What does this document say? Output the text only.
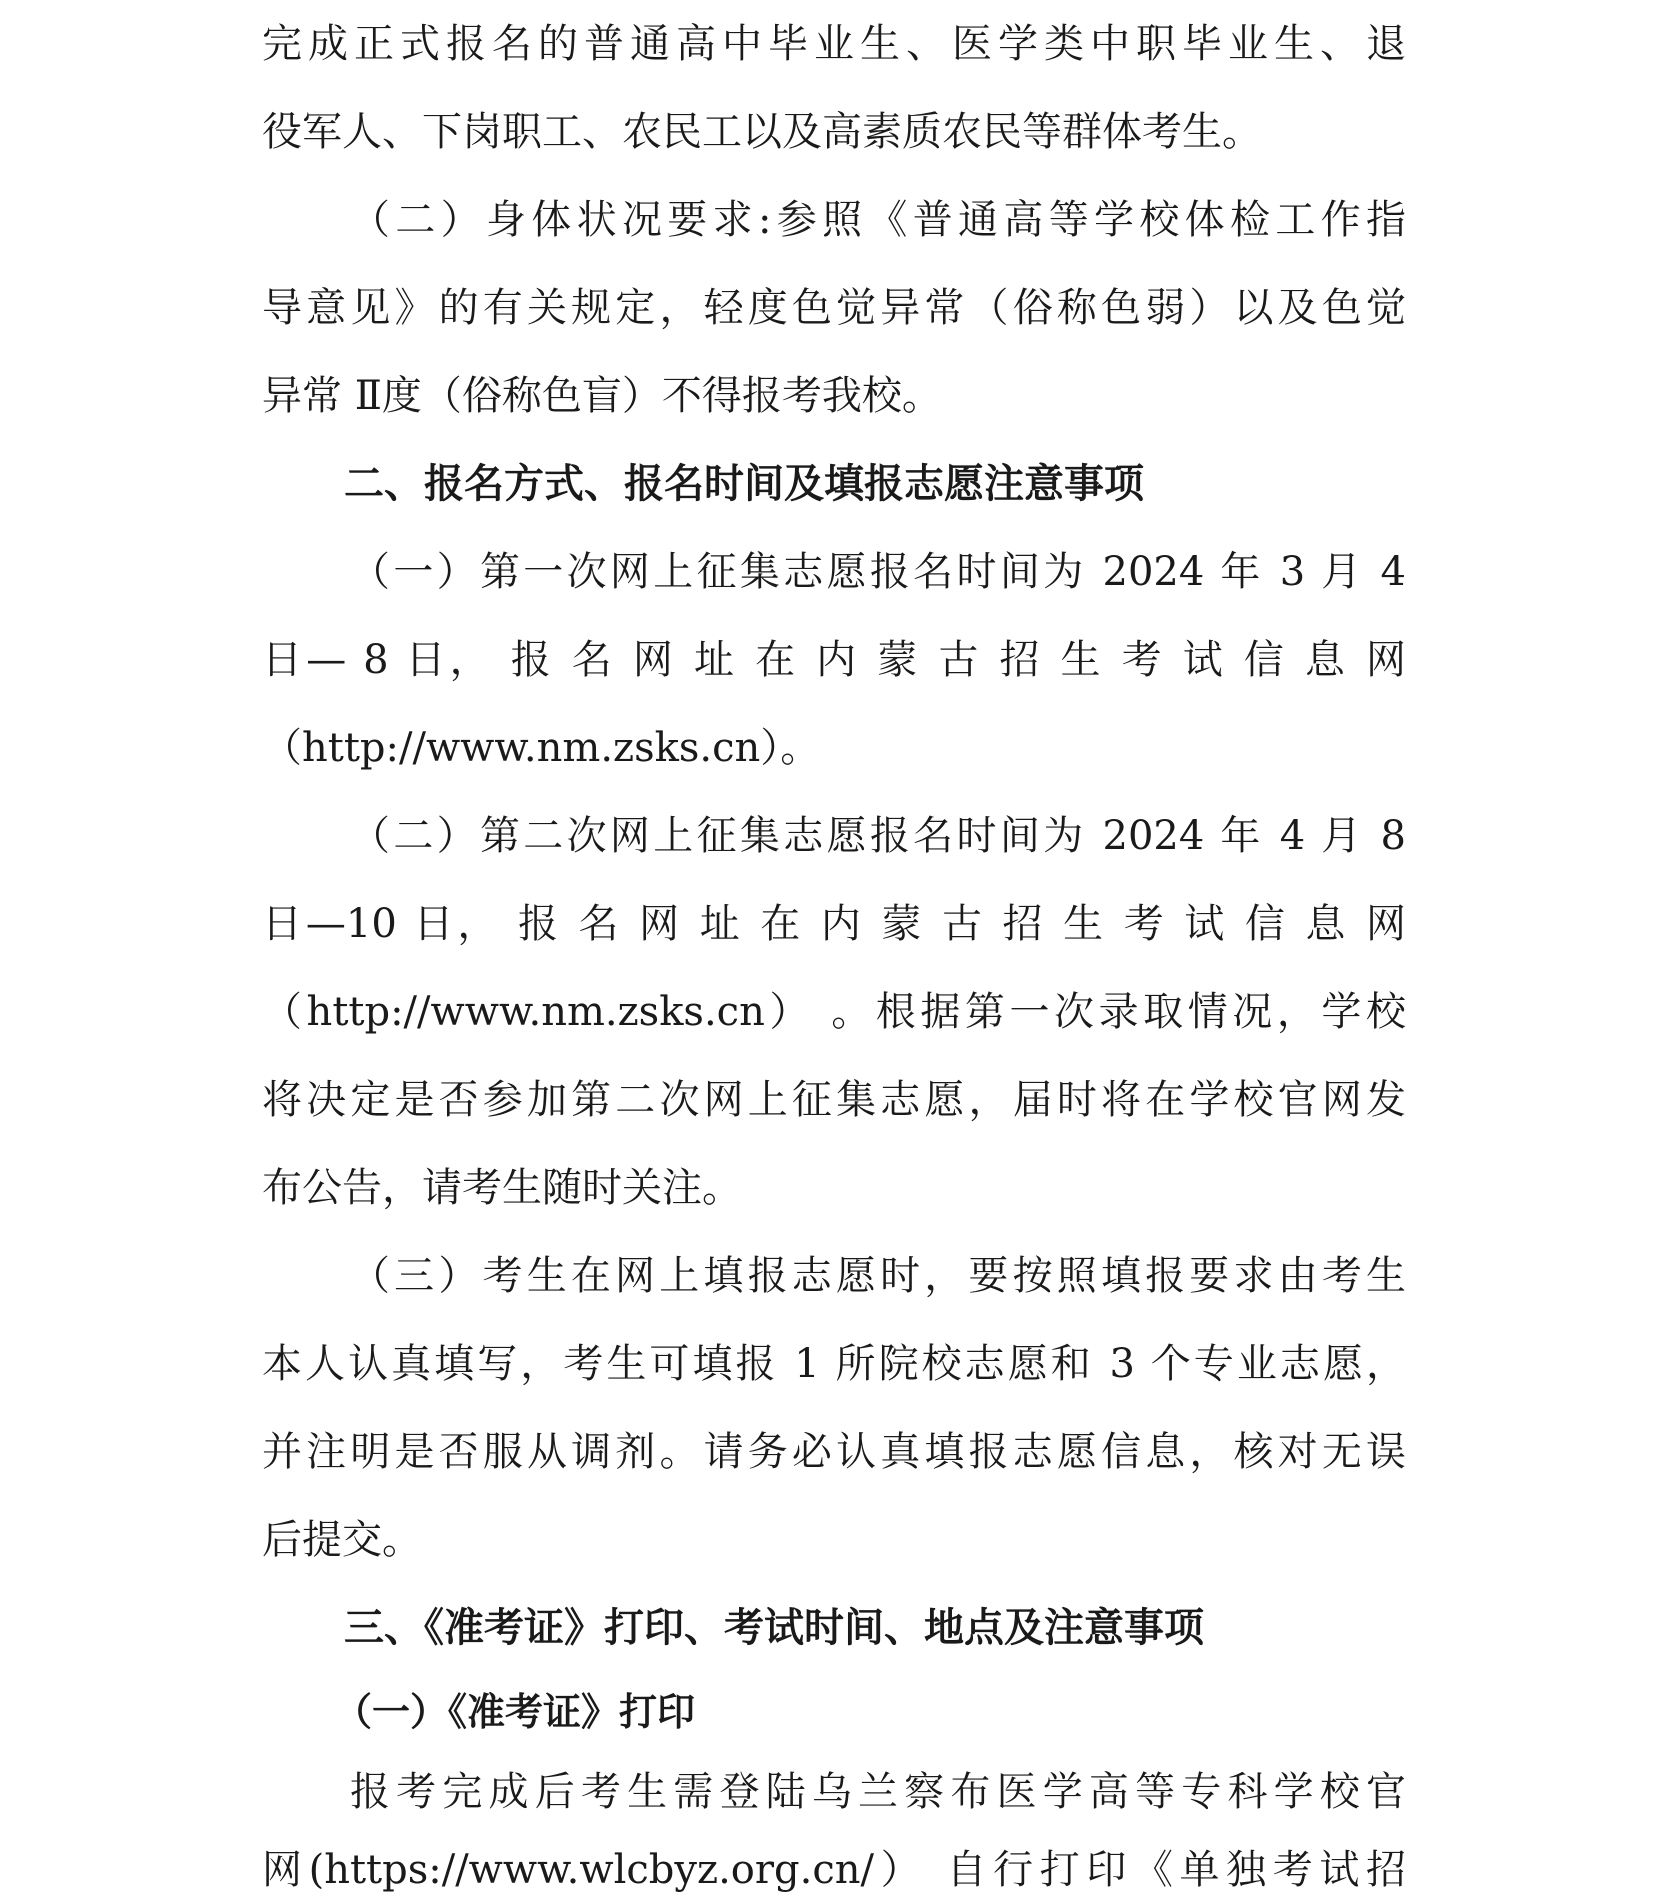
完成正式报名的普通高中毕业生、医学类中职毕业生、退
役军人、下岗职工、农民工以及高素质农民等群体考生。
（二）身体状况要求:参照《普通高等学校体检工作指
导意见》的有关规定，轻度色觉异常（俗称色弱）以及色觉
异常 Ⅱ度（俗称色盲）不得报考我校。
二、报名方式、报名时间及填报志愿注意事项
（一）第一次网上征集志愿报名时间为 2024 年 3 月 4
日— 8 日， 报 名 网 址 在 内 蒙 古 招 生 考 试 信 息 网
（http://www.nm.zsks.cn）。
（二）第二次网上征集志愿报名时间为 2024 年 4 月 8
日—10 日， 报 名 网 址 在 内 蒙 古 招 生 考 试 信 息 网
（http://www.nm.zsks.cn） 。根据第一次录取情况，学校
将决定是否参加第二次网上征集志愿，届时将在学校官网发
布公告，请考生随时关注。
（三）考生在网上填报志愿时，要按照填报要求由考生
本人认真填写，考生可填报 1 所院校志愿和 3 个专业志愿，
并注明是否服从调剂。请务必认真填报志愿信息，核对无误
后提交。
三、《准考证》打印、考试时间、地点及注意事项
（一）《准考证》打印
报考完成后考生需登陆乌兰察布医学高等专科学校官
网(https://www.wlcbyz.org.cn/） 自行打印《单独考试招
